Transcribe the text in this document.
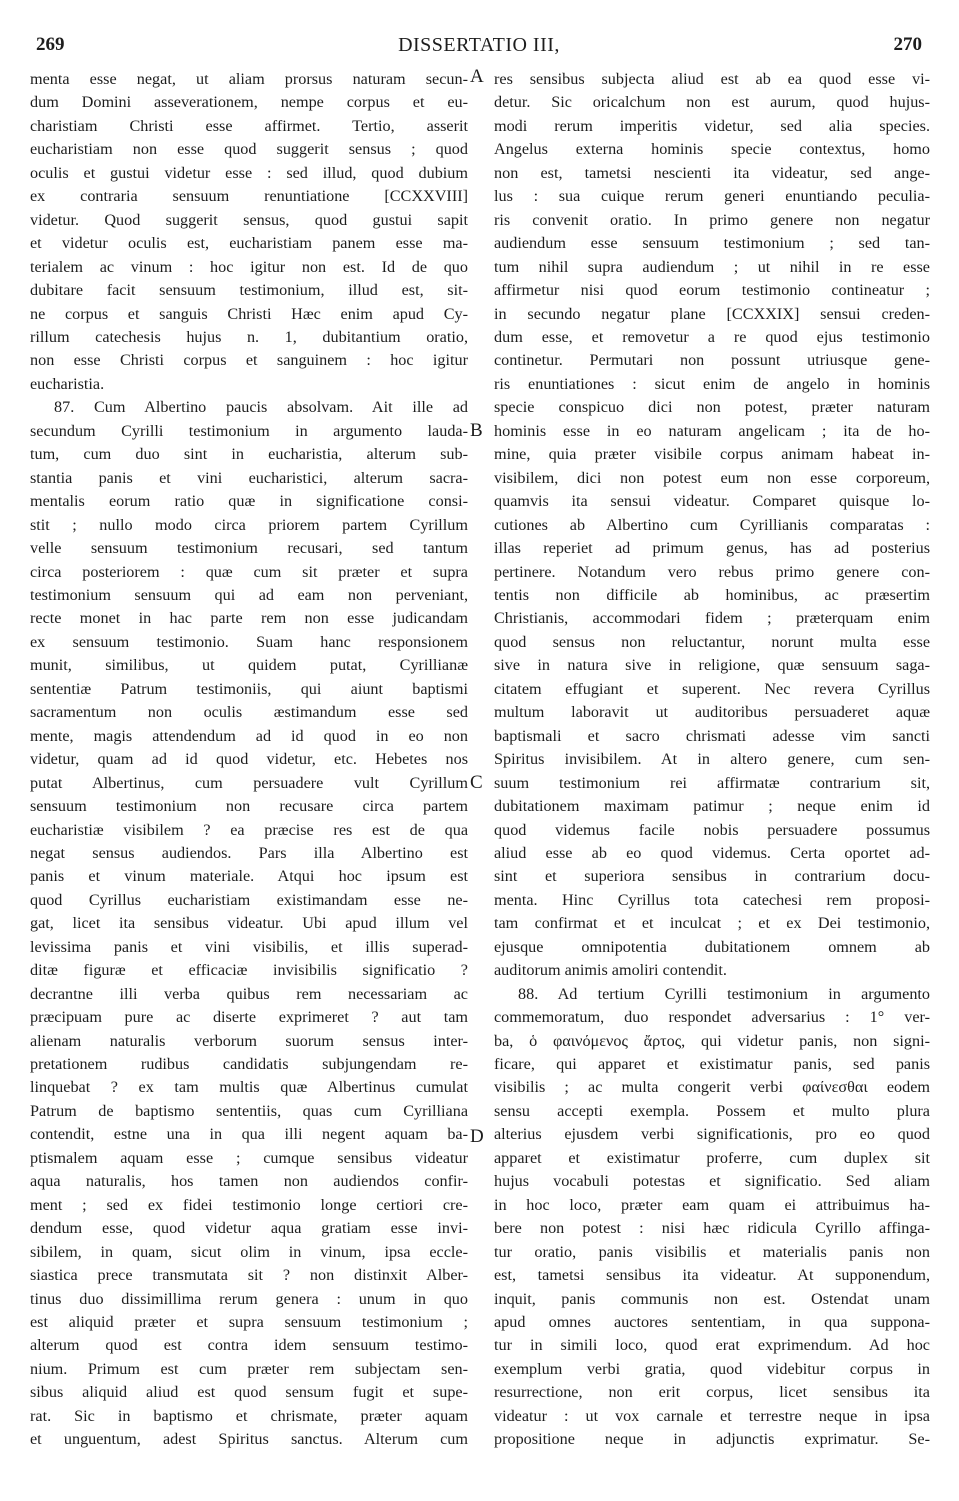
269	DISSERTATIO III,	270
menta esse negat, ut aliam prorsus naturam secun-
dum Domini asseverationem, nempe corpus et eu-
charistiam Christi esse affirmet. Tertio, asserit
eucharistiam non esse quod suggerit sensus ; quod
oculis et gustui videtur esse : sed illud, quod dubium
ex contraria sensuum renuntiatione [CCXXVIII]
videtur. Quod suggerit sensus, quod gustui sapit
et videtur oculis est, eucharistiam panem esse ma-
terialem ac vinum : hoc igitur non est. Id de quo
dubitare facit sensuum testimonium, illud est, sit-
ne corpus et sanguis Christi Hæc enim apud Cy-
rillum catechesis hujus n. 1, dubitantium oratio,
non esse Christi corpus et sanguinem : hoc igitur
eucharistia.
87. Cum Albertino paucis absolvam. Ait ille ad
secundum Cyrilli testimonium in argumento lauda-
tum, cum duo sint in eucharistia, alterum sub-
stantia panis et vini eucharistici, alterum sacra-
mentalis eorum ratio quæ in significatione consi-
stit ; nullo modo circa priorem partem Cyrillum
velle sensuum testimonium recusari, sed tantum
circa posteriorem : quæ cum sit præter et supra
testimonium sensuum qui ad eam non perveniant,
recte monet in hac parte rem non esse judicandam
ex sensuum testimonio. Suam hanc responsionem
munit, similibus, ut quidem putat, Cyrillianæ
sententiæ Patrum testimoniis, qui aiunt baptismi
sacramentum non oculis æstimandum esse sed
mente, magis attendendum ad id quod in eo non
videtur, quam ad id quod videtur, etc. Hebetes nos
putat Albertinus, cum persuadere vult Cyrillum
sensuum testimonium non recusare circa partem
eucharistiæ visibilem ? ea præcise res est de qua
negat sensus audiendos. Pars illa Albertino est
panis et vinum materiale. Atqui hoc ipsum est
quod Cyrillus eucharistiam existimandam esse ne-
gat, licet ita sensibus videatur. Ubi apud illum vel
levissima panis et vini visibilis, et illis superad-
ditæ figuræ et efficaciæ invisibilis significatio ?
decrantne illi verba quibus rem necessariam ac
præcipuam pure ac diserte exprimeret ? aut tam
alienam naturalis verborum suorum sensus inter-
pretationem rudibus candidatis subjungendam re-
linquebat ? ex tam multis quæ Albertinus cumulat
Patrum de baptismo sententiis, quas cum Cyrilliana
contendit, estne una in qua illi negent aquam ba-
ptismalem aquam esse ; cumque sensibus videatur
aqua naturalis, hos tamen non audiendos confir-
ment ; sed ex fidei testimonio longe certiori cre-
dendum esse, quod videtur aqua gratiam esse invi-
sibilem, in quam, sicut olim in vinum, ipsa eccle-
siastica prece transmutata sit ? non distinxit Alber-
tinus duo dissimillima rerum genera : unum in quo
est aliquid præter et supra sensuum testimonium ;
alterum quod est contra idem sensuum testimo-
nium. Primum est cum præter rem subjectam sen-
sibus aliquid aliud est quod sensum fugit et supe-
rat. Sic in baptismo et chrismate, præter aquam
et unguentum, adest Spiritus sanctus. Alterum cum
res sensibus subjecta aliud est ab ea quod esse vi-
detur. Sic oricalchum non est aurum, quod hujus-
modi rerum imperitis videtur, sed alia species.
Angelus externa hominis specie contextus, homo
non est, tametsi nescienti ita videatur, sed ange-
lus : sua cuique rerum generi enuntiando peculia-
ris convenit oratio. In primo genere non negatur
audiendum esse sensuum testimonium ; sed tan-
tum nihil supra audiendum ; ut nihil in re esse
affirmetur nisi quod eorum testimonio contineatur ;
in secundo negatur plane [CCXXIX] sensui creden-
dum esse, et removetur a re quod ejus testimonio
continetur. Permutari non possunt utriusque gene-
ris enuntiationes : sicut enim de angelo in hominis
specie conspicuo dici non potest, præter naturam
hominis esse in eo naturam angelicam ; ita de ho-
mine, quia præter visibile corpus animam habeat in-
visibilem, dici non potest eum non esse corporeum,
quamvis ita sensui videatur. Comparet quisque lo-
cutiones ab Albertino cum Cyrillianis comparatas :
illas reperiet ad primum genus, has ad posterius
pertinere. Notandum vero rebus primo generе con-
tentis non difficile ab hominibus, ac præsertim
Christianis, accommodari fidem ; præterquam enim
quod sensus non reluctantur, norunt multa esse
sive in natura sive in religione, quæ sensuum saga-
citatem effugiant et superent. Nec revera Cyrillus
multum laboravit ut auditoribus persuaderet aquæ
baptismali et sacro chrismati adesse vim sancti
Spiritus invisibilem. At in altero genere, cum sen-
suum testimonium rei affirmatæ contrarium sit,
dubitationem maximam patimur ; neque enim id
quod videmus facile nobis persuadere possumus
aliud esse ab eo quod videmus. Certa oportet ad-
sint et superiora sensibus in contrarium docu-
menta. Hinc Cyrillus tota catechesi rem proposi-
tam confirmat et et inculcat ; et ex Dei testimonio,
ejusque omnipotentia dubitationem omnem ab
auditorum animis amoliri contendit.
88. Ad tertium Cyrilli testimonium in argumento
commemoratum, duo respondet adversarius : 1° ver-
ba, ὁ φαινόμενος ἄρτος, qui videtur panis, non signi-
ficare, qui apparet et existimatur panis, sed panis
visibilis ; ac multa congerit verbi φαίνεσθαι eodem
sensu accepti exempla. Possem et multo plura
alterius ejusdem verbi significationis, pro eo quod
apparet et existimatur proferre, cum duplex sit
hujus vocabuli potestas et significatio. Sed aliam
in hoc loco, præter eam quam ei attribuimus ha-
bere non potest : nisi hæc ridicula Cyrillo affinga-
tur oratio, panis visibilis et materialis panis non
est, tametsi sensibus ita videatur. At supponendum,
inquit, panis communis non est. Ostendat unam
apud omnes auctores sententiam, in qua suppona-
tur in simili loco, quod erat exprimendum. Ad hoc
exemplum verbi gratia, quod videbitur corpus in
resurrectione, non erit corpus, licet sensibus ita
videatur : ut vox carnale et terrestre neque in ipsa
propositione neque in adjunctis exprimatur. Se-
A
B
C
D
